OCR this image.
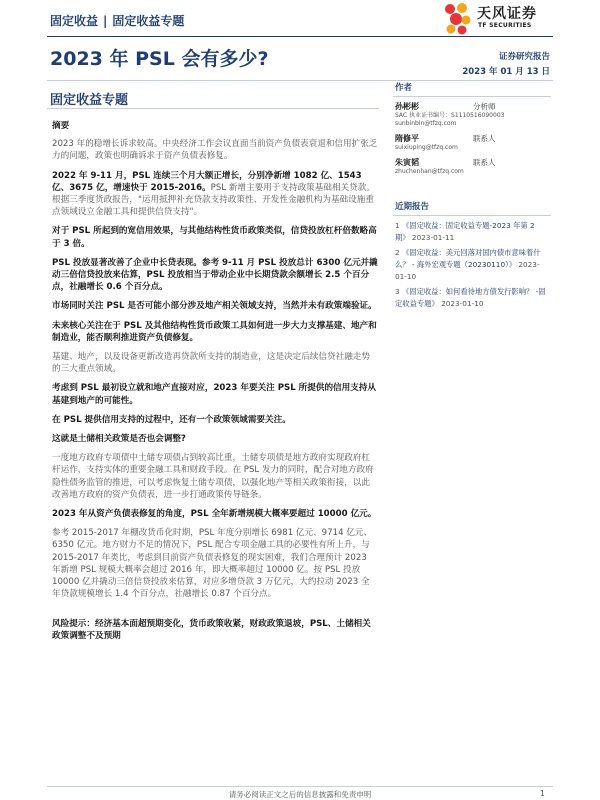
固定收益 | 固定收益专题	天风证券
TF SECURITIES
2023 年 PSL 会有多少?	证券研究报告
2023 年 01 月 13 日
固定收益专题

摘要

2023 年的稳增长诉求较高。中央经济工作会议直面当前资产负债表衰退和信用扩张乏力的问题，政策也明确诉求于资产负债表修复。

2022 年 9-11 月，PSL 连续三个月大额正增长，分别净新增 1082 亿、1543 亿、3675 亿，增速快于 2015-2016。PSL 新增主要用于支持政策基础相关贷款。根据三季度货政报告，"运用抵押补充贷款支持政策性、开发性金融机构为基础设施重点领域设立金融工具和提供信贷支持"。

对于 PSL 所起到的宽信用效果，与其他结构性货币政策类似，信贷投放杠杆倍数略高于 3 倍。

PSL 投放显著改善了企业中长贷表现。参考 9-11 月 PSL 投放总计 6300 亿元并撬动三倍信贷投放来估算，PSL 投放相当于带动企业中长期贷款余额增长 2.5 个百分点，社融增长 0.6 个百分点。

市场同时关注 PSL 是否可能小部分涉及地产相关领域支持，当然并未有政策端验证。

未来核心关注在于 PSL 及其他结构性货币政策工具如何进一步大力支撑基建、地产和制造业，能否顺利推进资产负债修复。

基建、地产，以及设备更新改造再贷款所支持的制造业，这是决定后续信贷社融走势的三大重点领域。

考虑到 PSL 最初设立就和地产直接对应，2023 年要关注 PSL 所提供的信用支持从基建到地产的可能性。

在 PSL 提供信用支持的过程中，还有一个政策领域需要关注。

这就是土储相关政策是否也会调整?

一度地方政府专项债中土储专项债占到较高比重，土储专项债是地方政府实现政府杠杆运作，支持实体的重要金融工具和财政手段。在 PSL 发力的同时，配合对地方政府隐性债务监管的推进，可以考虑恢复土储专项债，以强化地产等相关政策衔接，以此改善地方政府的资产负债表，进一步打通政策传导链条。

2023 年从资产负债表修复的角度，PSL 全年新增规模大概率要超过 10000 亿元。

参考 2015-2017 年棚改货币化时期，PSL 年度分别增长 6981 亿元、9714 亿元、6350 亿元。地方财力不足的情况下，PSL 配合专项金融工具的必要性有所上升，与 2015-2017 年类比，考虑到目前资产负债表修复的现实困难，我们合理预计 2023 年新增 PSL 规模大概率会超过 2016 年，即大概率超过 10000 亿。按 PSL 投放 10000 亿并撬动三倍信贷投放来估算，对应多增贷款 3 万亿元，大约拉动 2023 全年贷款规模增长 1.4 个百分点，社融增长 0.87 个百分点。

风险提示：经济基本面超预期变化，货币政策收紧，财政政策退坡，PSL、土储相关政策调整不及预期

作者
孙彬彬	分析师
SAC 执业证书编号：S1110516090003
sunbinbin@tfzq.com
隋修平	联系人
suixiuping@tfzq.com
朱寅韬	联系人
zhuchenhan@tfzq.com
近期报告
1 《固定收益：固定收益专题-2023 年第 2 期》 2023-01-11
2 《固定收益：美元回落对国内债市意味着什么？ - 海外宏观专题（20230110）》 2023-01-10
3 《固定收益：如何看待地方债发行影响？ -固定收益专题》 2023-01-10
请务必阅读正文之后的信息披露和免责申明	1
